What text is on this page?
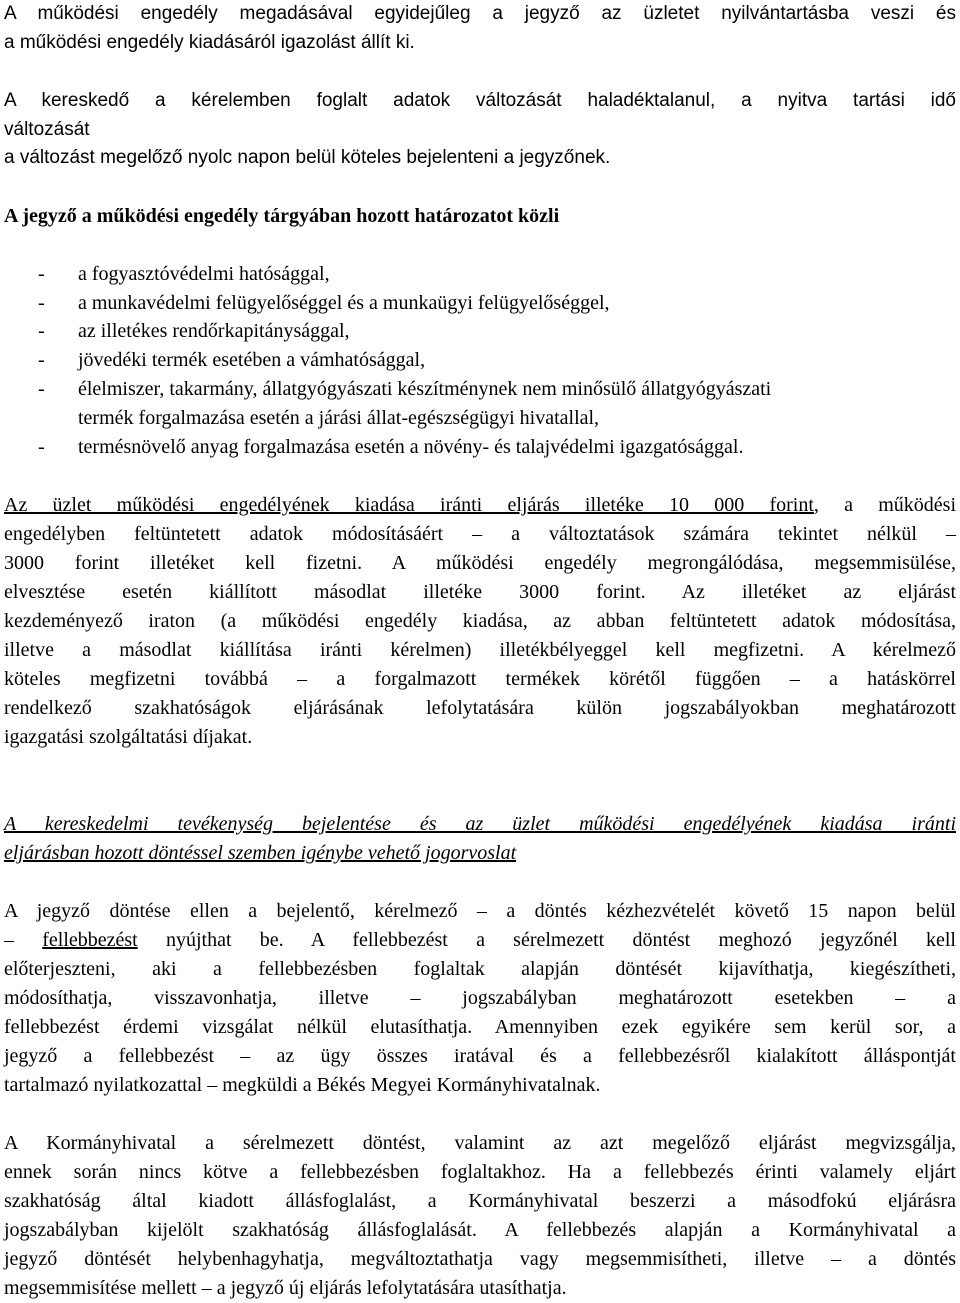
A működési engedély megadásával egyidejűleg a jegyző az üzletet nyilvántartásba veszi és
a működési engedély kiadásáról igazolást állít ki.
A kereskedő a kérelemben foglalt adatok változását haladéktalanul, a nyitva tartási idő
változását
a változást megelőző nyolc napon belül köteles bejelenteni a jegyzőnek.
A jegyző a működési engedély tárgyában hozott határozatot közli
- a fogyasztóvédelmi hatósággal,
- a munkavédelmi felügyelőséggel és a munkaügyi felügyelőséggel,
- az illetékes rendőrkapitánysággal,
- jövedéki termék esetében a vámhatósággal,
- élelmiszer, takarmány, állatgyógyászati készítménynek nem minősülő állatgyógyászati
termék forgalmazása esetén a járási állat-egészségügyi hivatallal,
- termésnövelő anyag forgalmazása esetén a növény- és talajvédelmi igazgatósággal.
Az üzlet működési engedélyének kiadása iránti eljárás illetéke 10 000 forint, a működési
engedélyben feltüntetett adatok módosításáért – a változtatások számára tekintet nélkül –
3000 forint illetéket kell fizetni. A működési engedély megrongálódása, megsemmisülése,
elvesztése esetén kiállított másodlat illetéke 3000 forint. Az illetéket az eljárást
kezdeményező iraton (a működési engedély kiadása, az abban feltüntetett adatok módosítása,
illetve a másodlat kiállítása iránti kérelmen) illetékbélyeggel kell megfizetni. A kérelmező
köteles megfizetni továbbá – a forgalmazott termékek körétől függően – a hatáskörrel
rendelkező szakhatóságok eljárásának lefolytatására külön jogszabályokban meghatározott
igazgatási szolgáltatási díjakat.
A kereskedelmi tevékenység bejelentése és az üzlet működési engedélyének kiadása iránti
eljárásban hozott döntéssel szemben igénybe vehető jogorvoslat
A jegyző döntése ellen a bejelentő, kérelmező – a döntés kézhezvételét követő 15 napon belül
– fellebbezést nyújthat be. A fellebbezést a sérelmezett döntést meghozó jegyzőnél kell
előterjeszteni, aki a fellebbezésben foglaltak alapján döntését kijavíthatja, kiegészítheti,
módosíthatja, visszavonhatja, illetve – jogszabályban meghatározott esetekben – a
fellebbezést érdemi vizsgálat nélkül elutasíthatja. Amennyiben ezek egyikére sem kerül sor, a
jegyző a fellebbezést – az ügy összes iratával és a fellebbezésről kialakított álláspontját
tartalmazó nyilatkozattal – megküldi a Békés Megyei Kormányhivatalnak.
A Kormányhivatal a sérelmezett döntést, valamint az azt megelőző eljárást megvizsgálja,
ennek során nincs kötve a fellebbezésben foglaltakhoz. Ha a fellebbezés érinti valamely eljárt
szakhatóság által kiadott állásfoglalást, a Kormányhivatal beszerzi a másodfokú eljárásra
jogszabályban kijelölt szakhatóság állásfoglalását. A fellebbezés alapján a Kormányhivatal a
jegyző döntését helybenhagyhatja, megváltoztathatja vagy megsemmisítheti, illetve – a döntés
megsemmisítése mellett – a jegyző új eljárás lefolytatására utasíthatja.
